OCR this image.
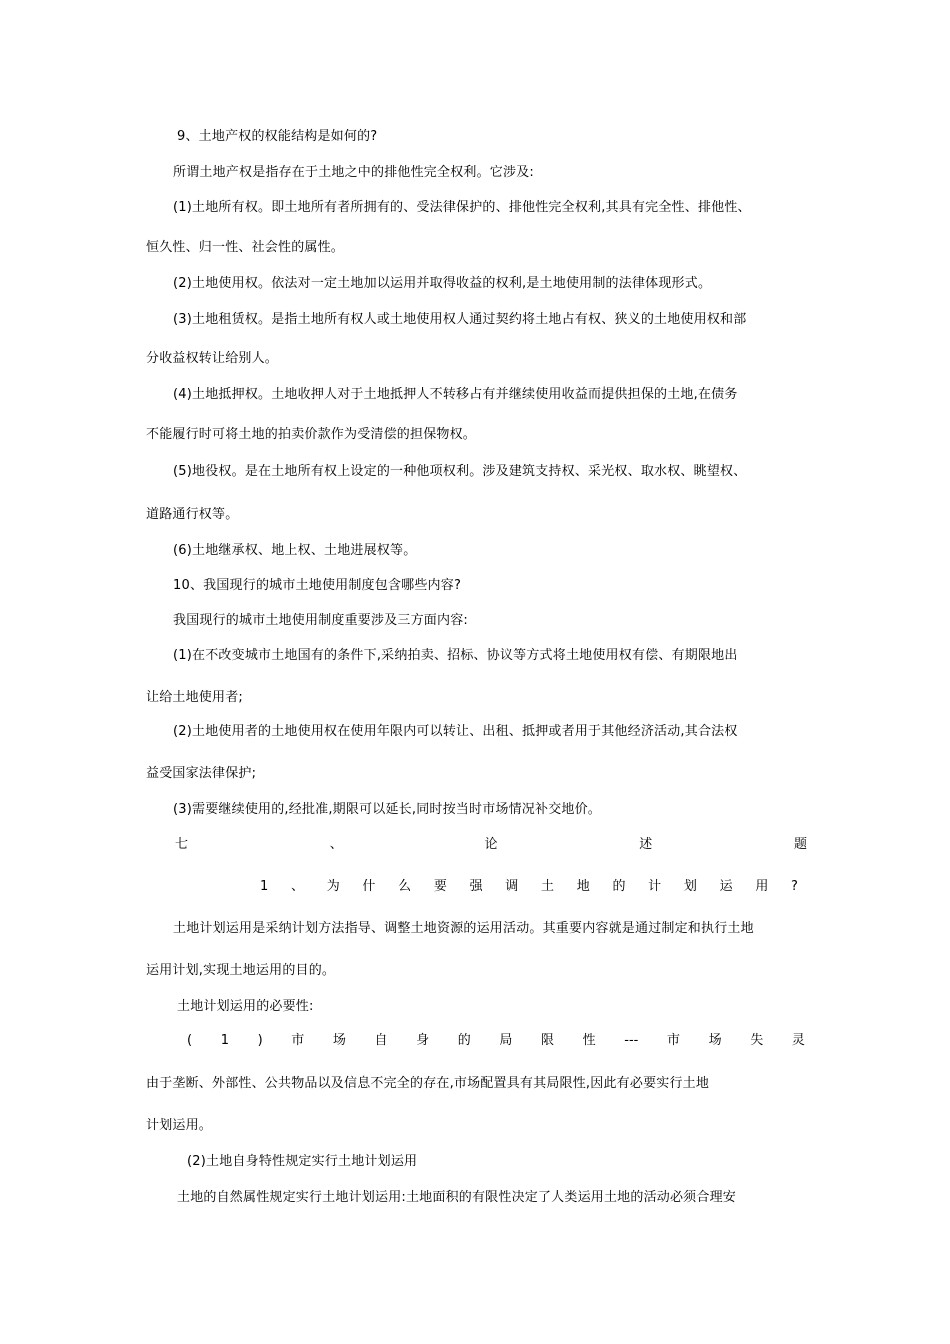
9、土地产权的权能结构是如何的?
所谓土地产权是指存在于土地之中的排他性完全权利。它涉及:
(1)土地所有权。即土地所有者所拥有的、受法律保护的、排他性完全权利,其具有完全性、排他性、
恒久性、归一性、社会性的属性。
(2)土地使用权。依法对一定土地加以运用并取得收益的权利,是土地使用制的法律体现形式。
(3)土地租赁权。是指土地所有权人或土地使用权人通过契约将土地占有权、狭义的土地使用权和部
分收益权转让给别人。
(4)土地抵押权。土地收押人对于土地抵押人不转移占有并继续使用收益而提供担保的土地,在债务
不能履行时可将土地的拍卖价款作为受清偿的担保物权。
(5)地役权。是在土地所有权上设定的一种他项权利。涉及建筑支持权、采光权、取水权、眺望权、
道路通行权等。
(6)土地继承权、地上权、土地进展权等。
10、我国现行的城市土地使用制度包含哪些内容?
我国现行的城市土地使用制度重要涉及三方面内容:
(1)在不改变城市土地国有的条件下,采纳拍卖、招标、协议等方式将土地使用权有偿、有期限地出
让给土地使用者;
(2)土地使用者的土地使用权在使用年限内可以转让、出租、抵押或者用于其他经济活动,其合法权
益受国家法律保护;
(3)需要继续使用的,经批准,期限可以延长,同时按当时市场情况补交地价。
七	、	论	述	题
1 、 为 什 么 要 强 调 土 地 的 计 划 运 用 ?
土地计划运用是采纳计划方法指导、调整土地资源的运用活动。其重要内容就是通过制定和执行土地
运用计划,实现土地运用的目的。
土地计划运用的必要性:
( 1 ) 市 场 自 身 的 局 限 性 --- 市 场 失 灵
由于垄断、外部性、公共物品以及信息不完全的存在,市场配置具有其局限性,因此有必要实行土地
计划运用。
(2)土地自身特性规定实行土地计划运用
土地的自然属性规定实行土地计划运用:土地面积的有限性决定了人类运用土地的活动必须合理安
